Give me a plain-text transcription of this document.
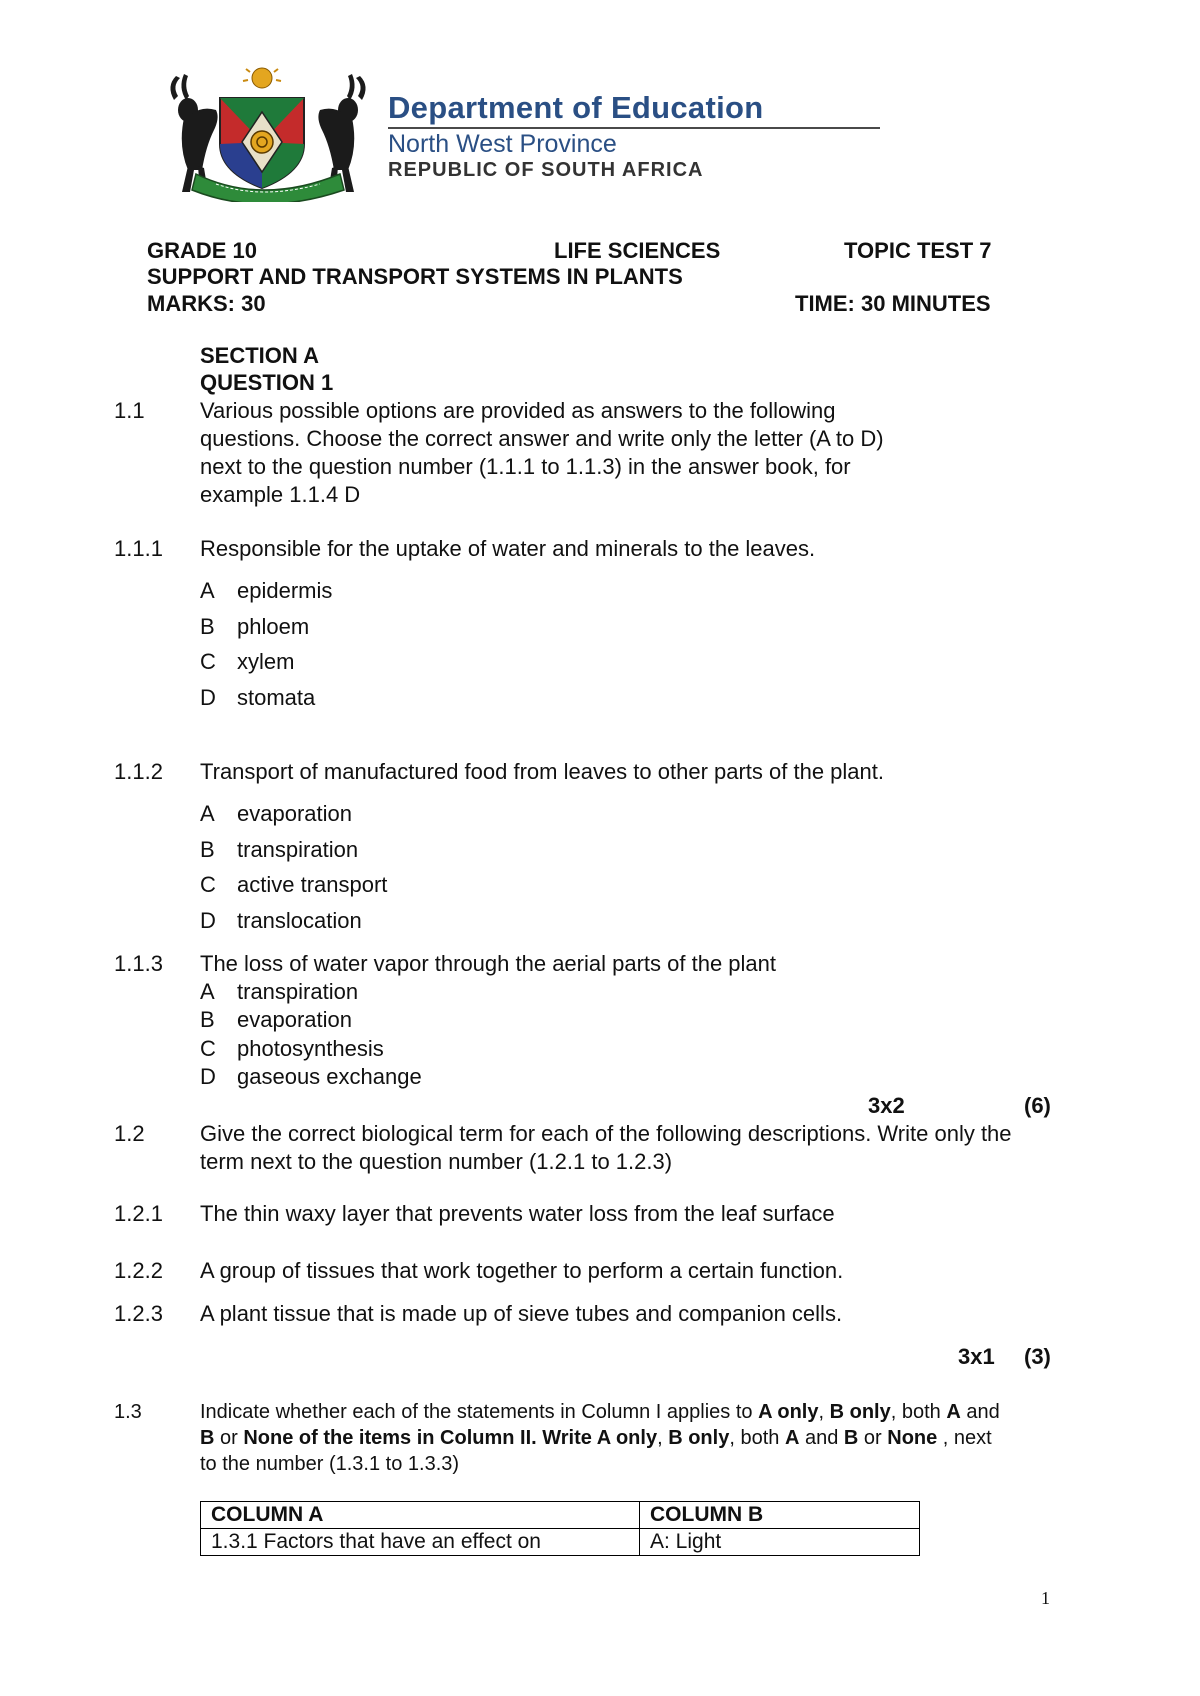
Department of Education
North West Province
REPUBLIC OF SOUTH AFRICA
GRADE 10	LIFE SCIENCES	TOPIC TEST 7
SUPPORT AND TRANSPORT SYSTEMS IN PLANTS
MARKS: 30	TIME: 30 MINUTES
SECTION A
QUESTION 1
1.1	Various possible options are provided as answers to the following questions. Choose the correct answer and write only the letter (A to D) next to the question number (1.1.1 to 1.1.3) in the answer book, for example 1.1.4 D
1.1.1 Responsible for the uptake of water and minerals to the leaves.
A epidermis
B phloem
C xylem
D stomata
1.1.2 Transport of manufactured food from leaves to other parts of the plant.
A evaporation
B transpiration
C active transport
D translocation
1.1.3 The loss of water vapor through the aerial parts of the plant
A transpiration
B evaporation
C photosynthesis
D gaseous exchange
3x2	(6)
1.2	Give the correct biological term for each of the following descriptions. Write only the term next to the question number (1.2.1 to 1.2.3)
1.2.1 The thin waxy layer that prevents water loss from the leaf surface
1.2.2 A group of tissues that work together to perform a certain function.
1.2.3 A plant tissue that is made up of sieve tubes and companion cells.
3x1 (3)
1.3	Indicate whether each of the statements in Column I applies to A only, B only, both A and B or None of the items in Column II. Write A only, B only, both A and B or None , next to the number (1.3.1 to 1.3.3)
COLUMN A	COLUMN B
1.3.1 Factors that have an effect on	A: Light
1
